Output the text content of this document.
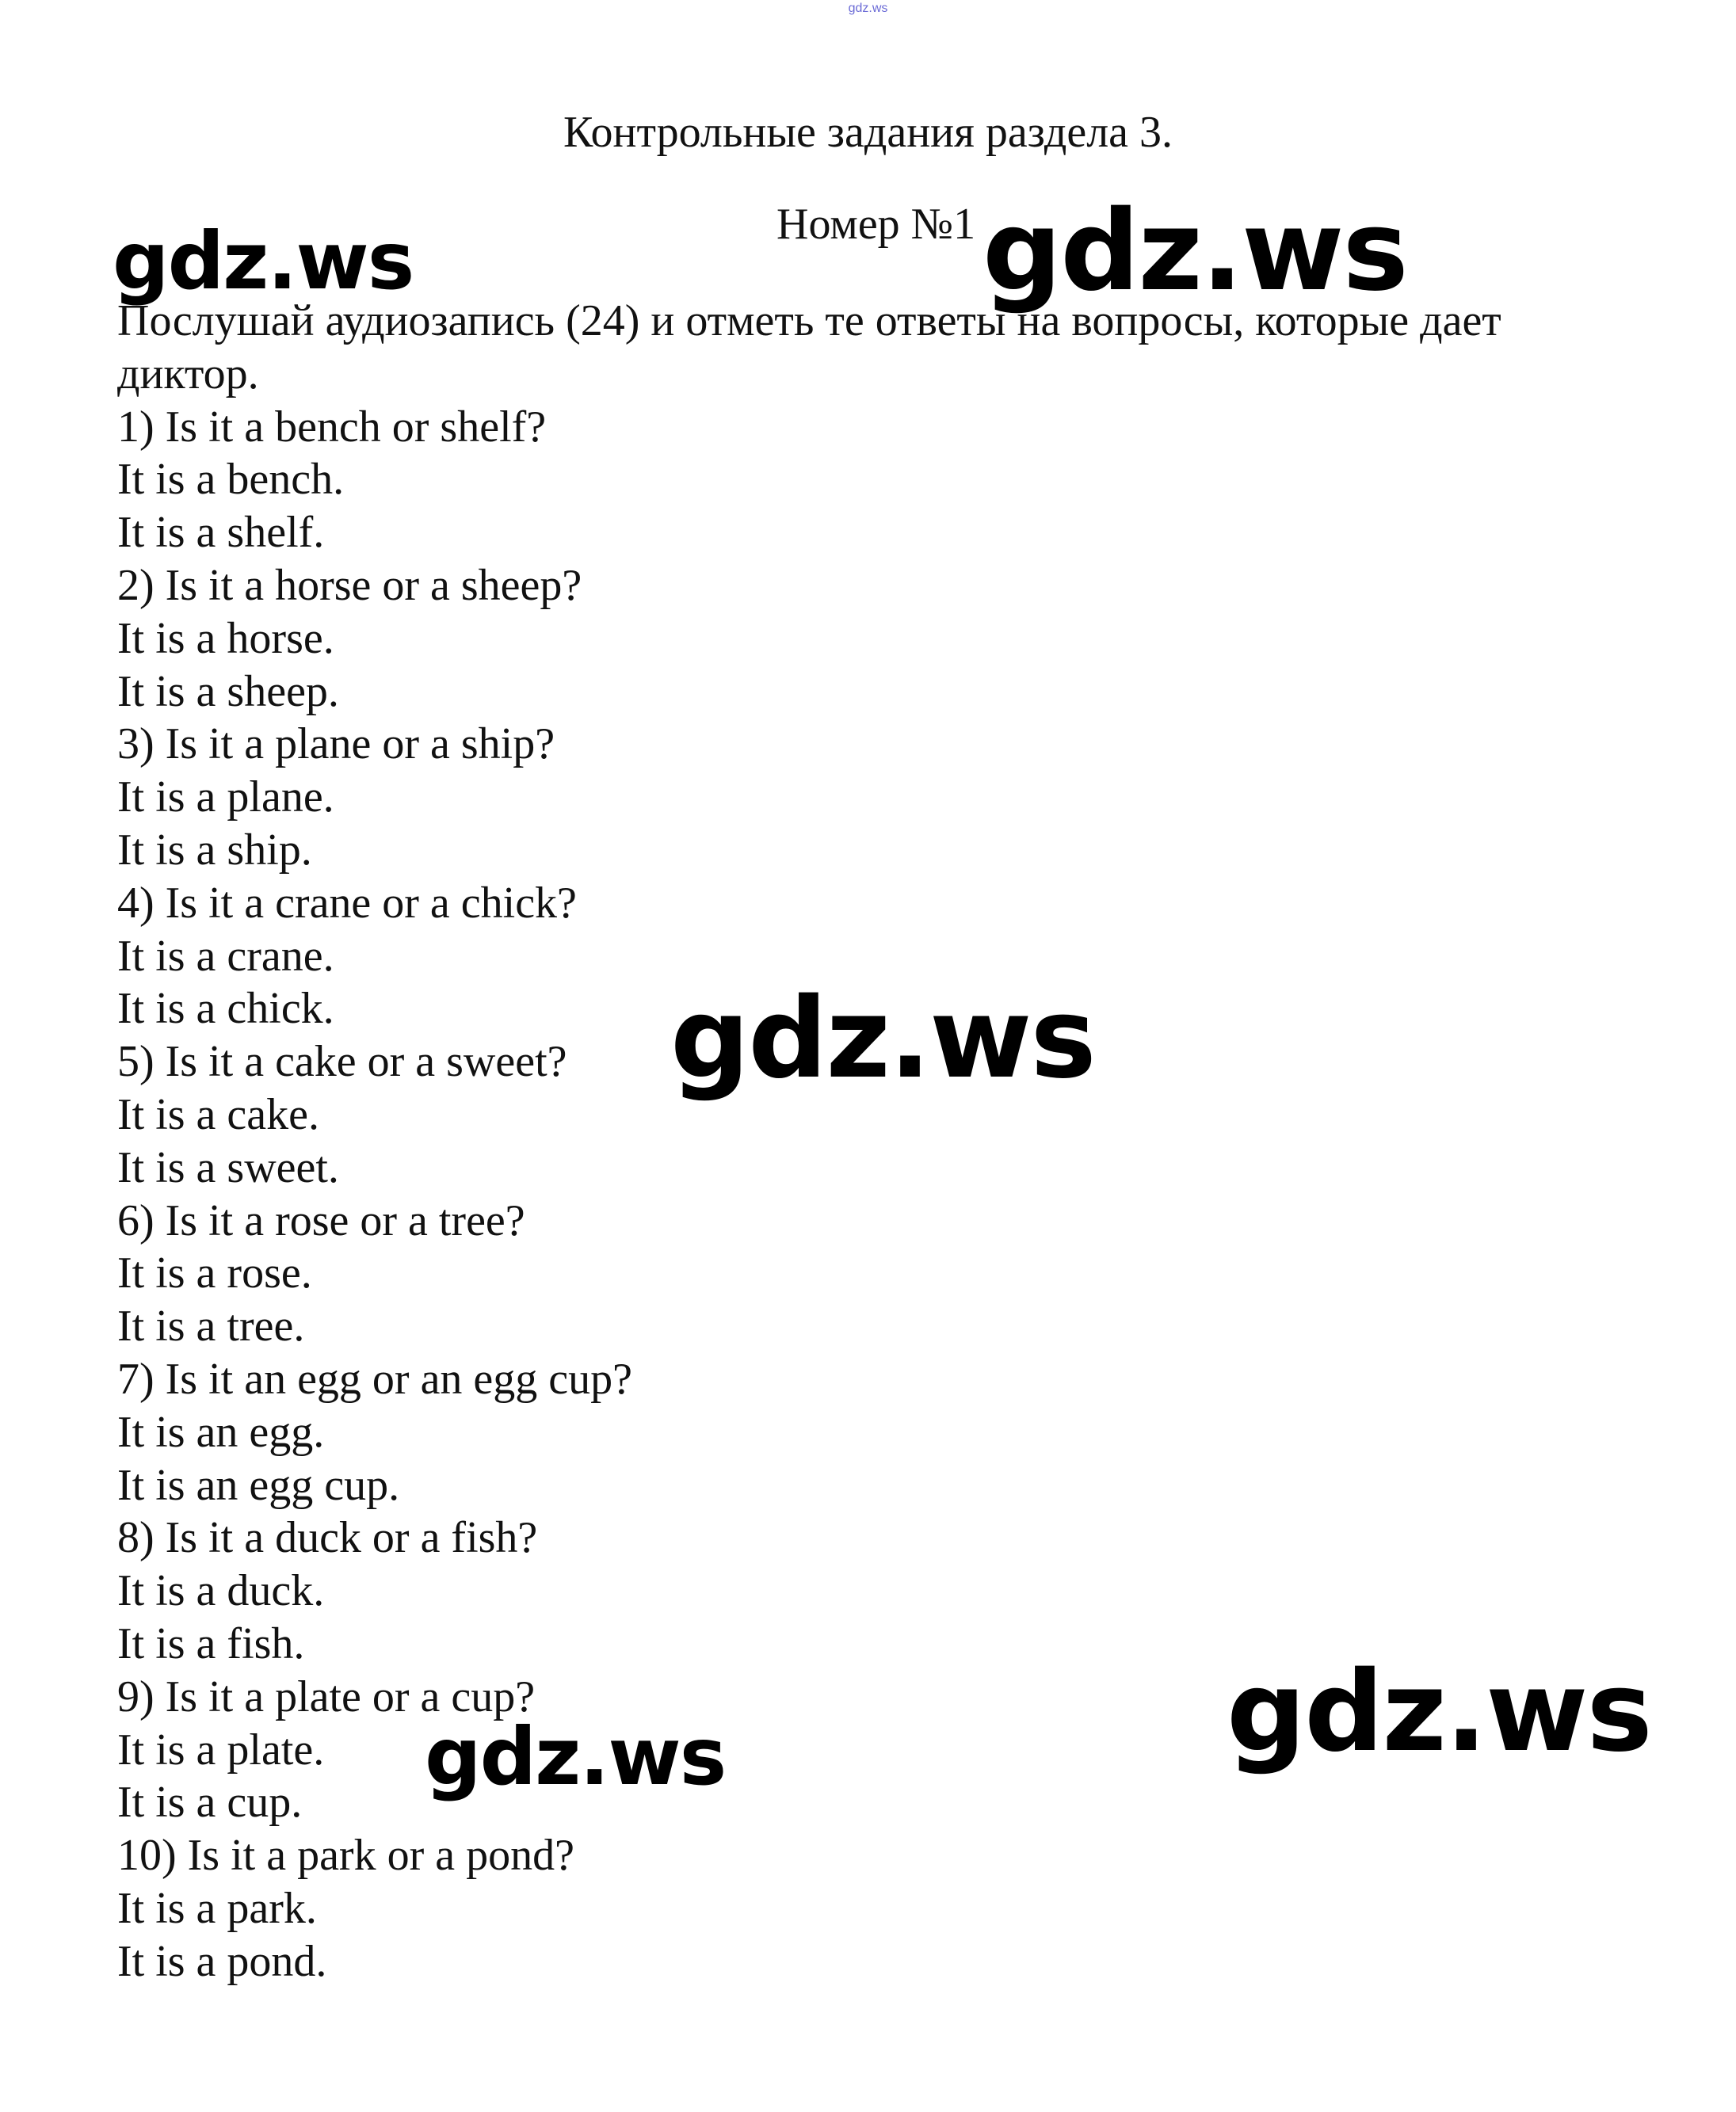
gdz.ws
Контрольные задания раздела 3.
Номер №1
Послушай аудиозапись (24) и отметь те ответы на вопросы, которые дает диктор.
1) Is it a bench or shelf?
It is a bench.
It is a shelf.
2) Is it a horse or a sheep?
It is a horse.
It is a sheep.
3) Is it a plane or a ship?
It is a plane.
It is a ship.
4) Is it a crane or a chick?
It is a crane.
It is a chick.
5) Is it a cake or a sweet?
It is a cake.
It is a sweet.
6) Is it a rose or a tree?
It is a rose.
It is a tree.
7) Is it an egg or an egg cup?
It is an egg.
It is an egg cup.
8) Is it a duck or a fish?
It is a duck.
It is a fish.
9) Is it a plate or a cup?
It is a plate.
It is a cup.
10) Is it a park or a pond?
It is a park.
It is a pond.
gdz.ws	gdz.ws
gdz.ws
gdz.ws
gdz.ws
